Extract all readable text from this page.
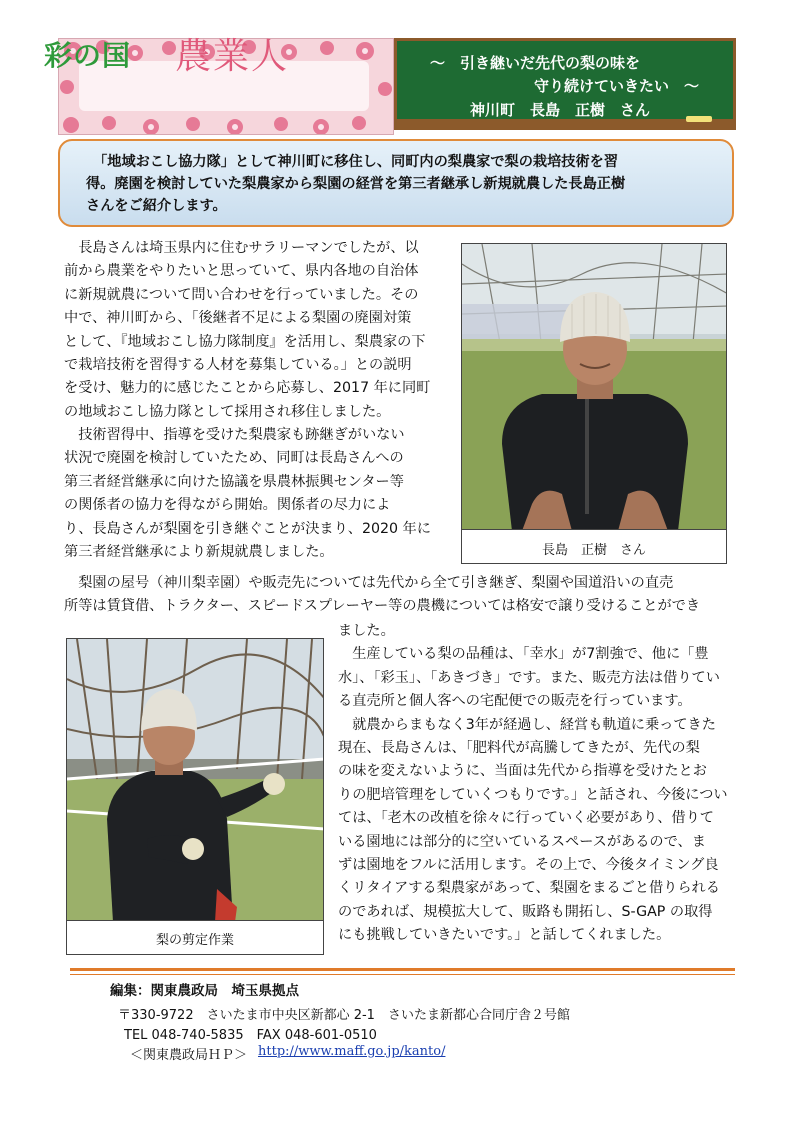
彩の国 農業人	～　引き継いだ先代の梨の味を
守り続けていきたい　～
神川町　長島　正樹　さん
　「地域おこし協力隊」として神川町に移住し、同町内の梨農家で梨の栽培技術を習
得。廃園を検討していた梨農家から梨園の経営を第三者継承し新規就農した長島正樹
さんをご紹介します。
　長島さんは埼玉県内に住むサラリーマンでしたが、以
前から農業をやりたいと思っていて、県内各地の自治体
に新規就農について問い合わせを行っていました。その
中で、神川町から、「後継者不足による梨園の廃園対策
として、『地域おこし協力隊制度』を活用し、梨農家の下
で栽培技術を習得する人材を募集している。」との説明
を受け、魅力的に感じたことから応募し、2017 年に同町
の地域おこし協力隊として採用され移住しました。
　技術習得中、指導を受けた梨農家も跡継ぎがいない
状況で廃園を検討していたため、同町は長島さんへの
第三者経営継承に向けた協議を県農林振興センター等
の関係者の協力を得ながら開始。関係者の尽力によ
り、長島さんが梨園を引き継ぐことが決まり、2020 年に
第三者経営継承により新規就農しました。
　梨園の屋号（神川梨幸園）や販売先については先代から全て引き継ぎ、梨園や国道沿いの直売
所等は賃貸借、トラクター、スピードスプレーヤー等の農機については格安で譲り受けることができ
ました。
　生産している梨の品種は、「幸水」が7割強で、他に「豊
水」、「彩玉」、「あきづき」です。また、販売方法は借りてい
る直売所と個人客への宅配便での販売を行っています。
　就農からまもなく3年が経過し、経営も軌道に乗ってきた
現在、長島さんは、「肥料代が高騰してきたが、先代の梨
の味を変えないように、当面は先代から指導を受けたとお
りの肥培管理をしていくつもりです。」と話され、今後につい
ては、「老木の改植を徐々に行っていく必要があり、借りて
いる園地には部分的に空いているスペースがあるので、ま
ずは園地をフルに活用します。その上で、今後タイミング良
くリタイアする梨農家があって、梨園をまるごと借りられる
のであれば、規模拡大して、販路も開拓し、S-GAP の取得
にも挑戦していきたいです。」と話してくれました。
長島　正樹　さん
梨の剪定作業
編集：関東農政局　埼玉県拠点
〒330-9722　さいたま市中央区新都心 2-1　さいたま新都心合同庁舎２号館
TEL 048-740-5835　FAX 048-601-0510
＜関東農政局ＨＰ＞ http://www.maff.go.jp/kanto/
